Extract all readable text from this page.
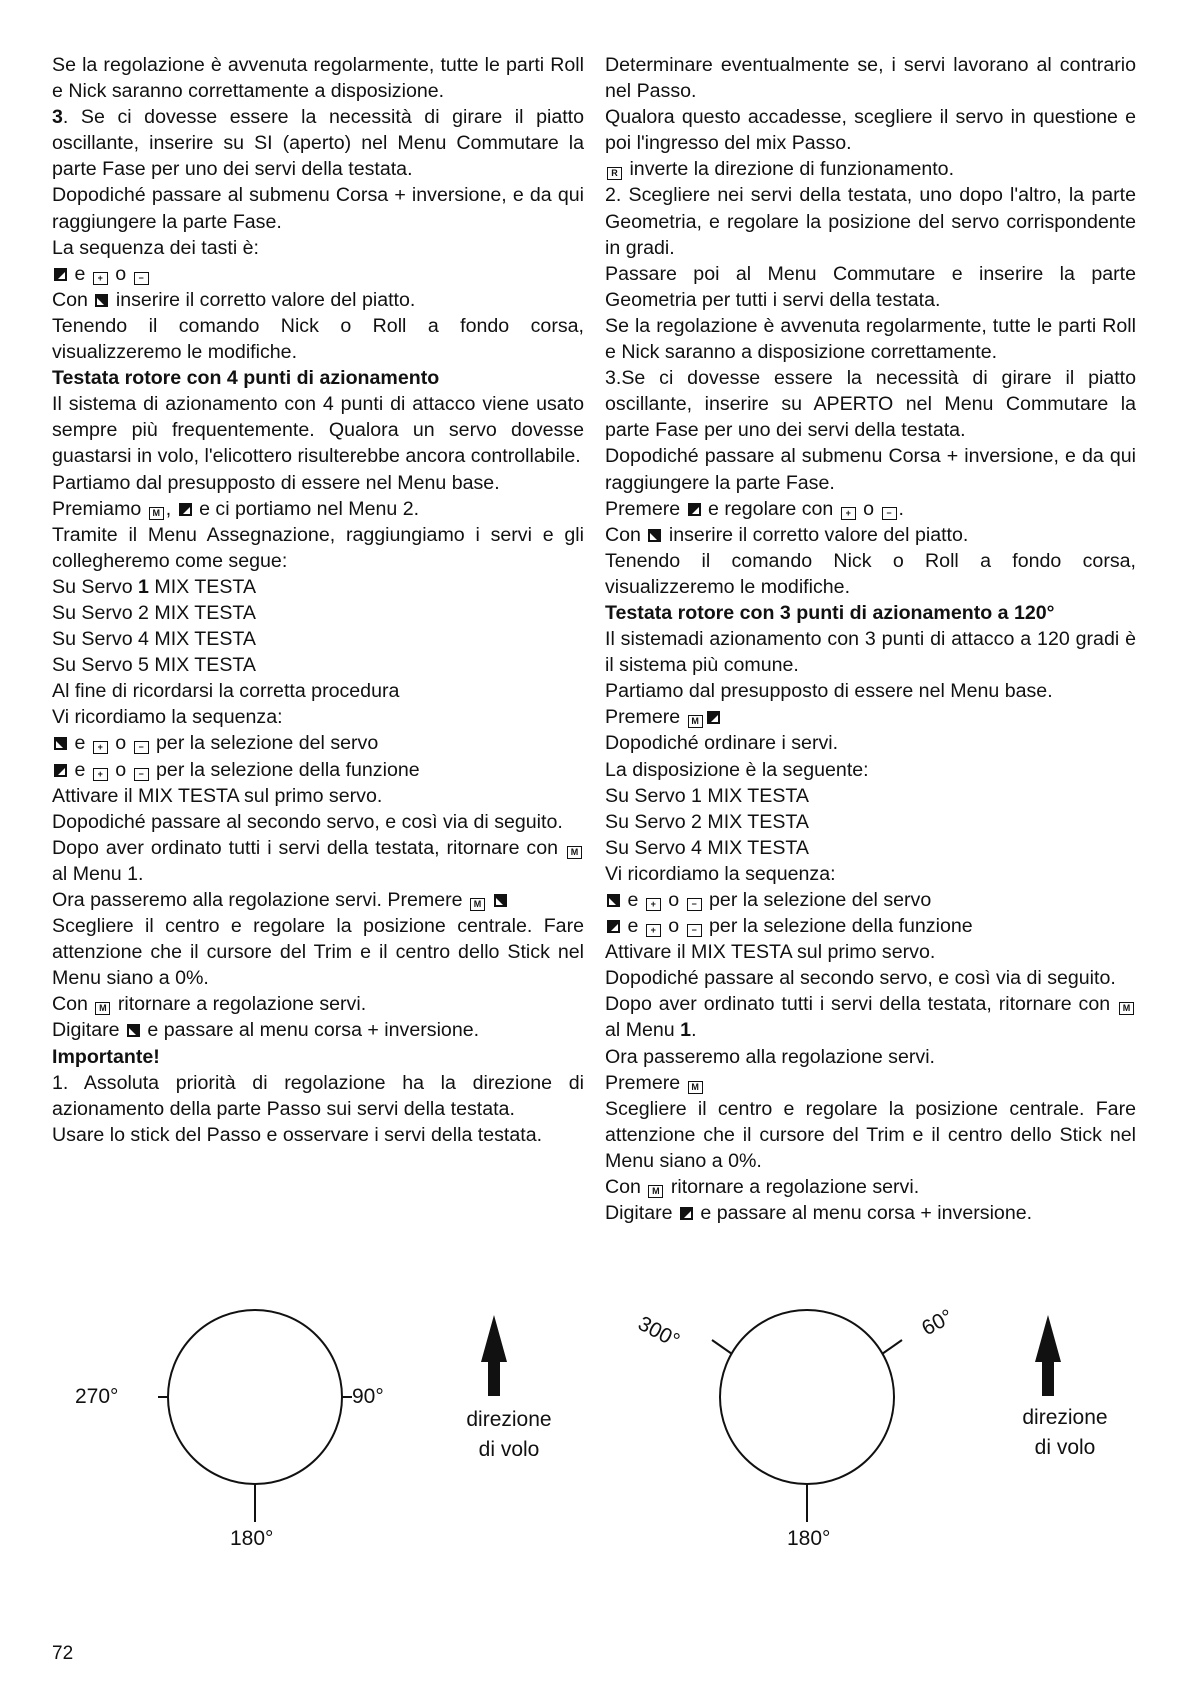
Se la regolazione è avvenuta regolarmente, tutte le parti Roll e Nick saranno correttamente a disposizione.

3. Se ci dovesse essere la necessità di girare il piatto oscillante, inserire su SI (aperto) nel Menu Commutare la parte Fase per uno dei servi della testata.

Dopodiché passare al submenu Corsa + inversione, e da qui raggiungere la parte Fase.

La sequenza dei tasti è:

e + o −

Con  inserire il corretto valore del piatto.

Tenendo il comando Nick o Roll a fondo corsa, visualizzeremo le modifiche.

Testata rotore con 4 punti di azionamento

Il sistema di azionamento con 4 punti di attacco viene usato sempre più frequentemente. Qualora un servo dovesse guastarsi in volo, l'elicottero risulterebbe ancora controllabile.

Partiamo dal presupposto di essere nel Menu base.

Premiamo M ,  e ci portiamo nel Menu 2.

Tramite il Menu Assegnazione, raggiungiamo i servi e gli collegheremo come segue:

Su Servo 1 MIX TESTA

Su Servo 2 MIX TESTA

Su Servo 4 MIX TESTA

Su Servo 5 MIX TESTA

Al fine di ricordarsi la corretta procedura

Vi ricordiamo la sequenza:

e + o − per la selezione del servo

e + o − per la selezione della funzione

Attivare il MIX TESTA sul primo servo.

Dopodiché passare al secondo servo, e così via di seguito.

Dopo aver ordinato tutti i servi della testata, ritornare con M al Menu 1.

Ora passeremo alla regolazione servi. Premere M

Scegliere il centro e regolare la posizione centrale. Fare attenzione che il cursore del Trim e il centro dello Stick nel Menu siano a 0%.

Con M ritornare a regolazione servi.

Digitare  e passare al menu corsa + inversione.

Importante!

1. Assoluta priorità di regolazione ha la direzione di azionamento della parte Passo sui servi della testata.

Usare lo stick del Passo e osservare i servi della testata.

Determinare eventualmente se, i servi lavorano al contrario nel Passo.

Qualora questo accadesse, scegliere il servo in questione e poi l'ingresso del mix Passo.

R inverte la direzione di funzionamento.

2. Scegliere nei servi della testata, uno dopo l'altro, la parte Geometria, e regolare la posizione del servo corrispondente in gradi.

Passare poi al Menu Commutare e inserire la parte Geometria per tutti i servi della testata.

Se la regolazione è avvenuta regolarmente, tutte le parti Roll e Nick saranno a disposizione correttamente.

3.Se ci dovesse essere la necessità di girare il piatto oscillante, inserire su APERTO nel Menu Commutare la parte Fase per uno dei servi della testata.

Dopodiché passare al submenu Corsa + inversione, e da qui raggiungere la parte Fase.

Premere  e regolare con + o − .

Con  inserire il corretto valore del piatto.

Tenendo il comando Nick o Roll a fondo corsa, visualizzeremo le modifiche.

Testata rotore con 3 punti di azionamento a 120°

Il sistemadi azionamento con 3 punti di attacco a 120 gradi è il sistema più comune.

Partiamo dal presupposto di essere nel Menu base.

Premere M

Dopodiché ordinare i servi.

La disposizione è la seguente:

Su Servo 1 MIX TESTA

Su Servo 2 MIX TESTA

Su Servo 4 MIX TESTA

Vi ricordiamo la sequenza:

e + o − per la selezione del servo

e + o − per la selezione della funzione

Attivare il MIX TESTA sul primo servo.

Dopodiché passare al secondo servo, e così via di seguito.

Dopo aver ordinato tutti i servi della testata, ritornare con M al Menu 1.

Ora passeremo alla regolazione servi.

Premere M

Scegliere il centro e regolare la posizione centrale. Fare attenzione che il cursore del Trim e il centro dello Stick nel Menu siano a 0%.

Con M ritornare a regolazione servi.

Digitare  e passare al menu corsa + inversione.

270°	90°
180°
direzione
di volo
300°	60°
180°
direzione
di volo
72
